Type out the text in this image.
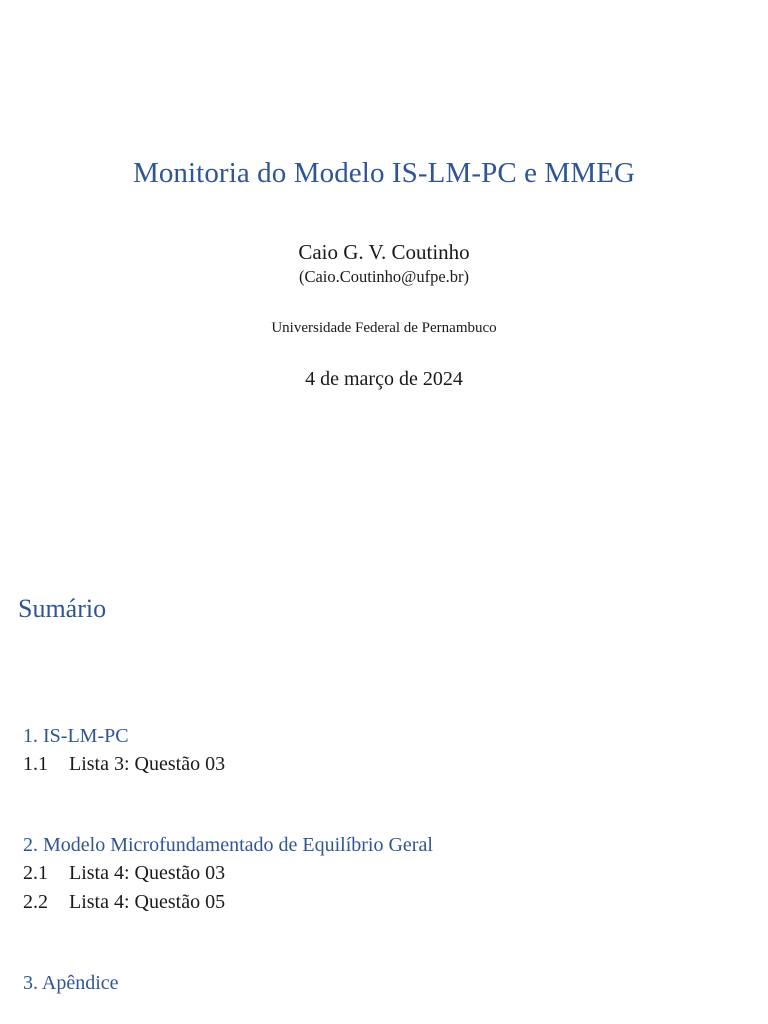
Monitoria do Modelo IS-LM-PC e MMEG
Caio G. V. Coutinho
(Caio.Coutinho@ufpe.br)
Universidade Federal de Pernambuco
4 de março de 2024
Sumário
1. IS-LM-PC
1.1	Lista 3: Questão 03
2. Modelo Microfundamentado de Equilíbrio Geral
2.1	Lista 4: Questão 03
2.2	Lista 4: Questão 05
3. Apêndice
